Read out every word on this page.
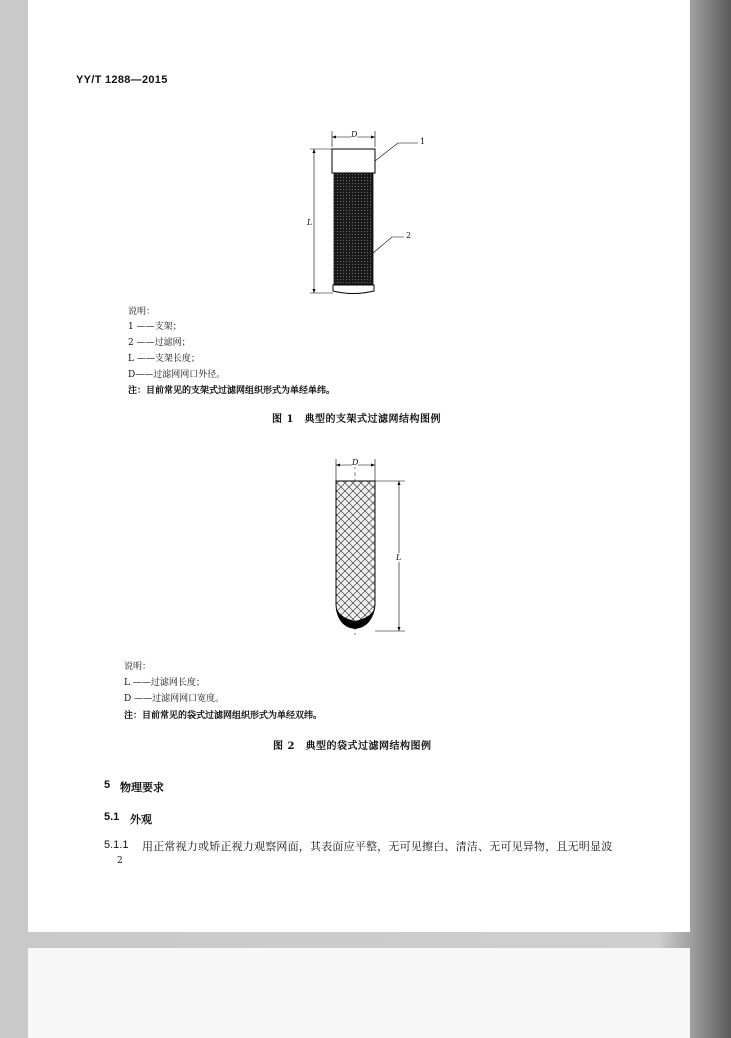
YY/T 1288—2015
D
L
1
2
说明：
1 ——支架；
2 ——过滤网；
L ——支架长度；
D——过滤网网口外径。
注：目前常见的支架式过滤网组织形式为单经单纬。
图 1　典型的支架式过滤网结构图例
D
L
说明：
L ——过滤网长度；
D ——过滤网网口宽度。
注：目前常见的袋式过滤网组织形式为单经双纬。
图 2　典型的袋式过滤网结构图例
5 物理要求
5.1 外观
5.1.1 用正常视力或矫正视力观察网面，其表面应平整，无可见擦白、清洁、无可见异物，且无明显波
2
